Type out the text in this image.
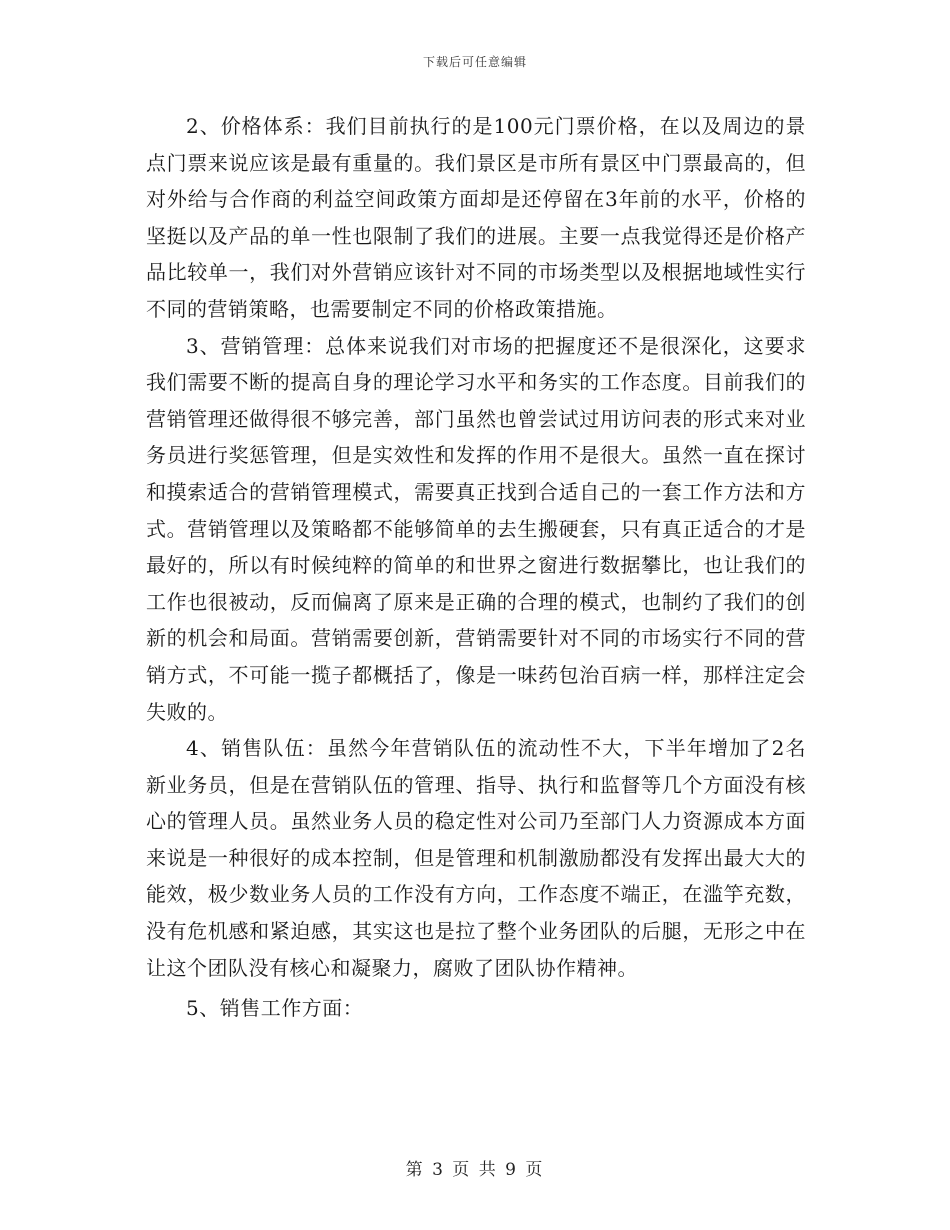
下载后可任意编辑

2、价格体系：我们目前执行的是100元门票价格，在以及周边的景点门票来说应该是最有重量的。我们景区是市所有景区中门票最高的，但对外给与合作商的利益空间政策方面却是还停留在3年前的水平，价格的坚挺以及产品的单一性也限制了我们的进展。主要一点我觉得还是价格产品比较单一，我们对外营销应该针对不同的市场类型以及根据地域性实行不同的营销策略，也需要制定不同的价格政策措施。

3、营销管理：总体来说我们对市场的把握度还不是很深化，这要求我们需要不断的提高自身的理论学习水平和务实的工作态度。目前我们的营销管理还做得很不够完善，部门虽然也曾尝试过用访问表的形式来对业务员进行奖惩管理，但是实效性和发挥的作用不是很大。虽然一直在探讨和摸索适合的营销管理模式，需要真正找到合适自己的一套工作方法和方式。营销管理以及策略都不能够简单的去生搬硬套，只有真正适合的才是最好的，所以有时候纯粹的简单的和世界之窗进行数据攀比，也让我们的工作也很被动，反而偏离了原来是正确的合理的模式，也制约了我们的创新的机会和局面。营销需要创新，营销需要针对不同的市场实行不同的营销方式，不可能一揽子都概括了，像是一味药包治百病一样，那样注定会失败的。

4、销售队伍：虽然今年营销队伍的流动性不大，下半年增加了2名新业务员，但是在营销队伍的管理、指导、执行和监督等几个方面没有核心的管理人员。虽然业务人员的稳定性对公司乃至部门人力资源成本方面来说是一种很好的成本控制，但是管理和机制激励都没有发挥出最大大的能效，极少数业务人员的工作没有方向，工作态度不端正，在滥竽充数，没有危机感和紧迫感，其实这也是拉了整个业务团队的后腿，无形之中在让这个团队没有核心和凝聚力，腐败了团队协作精神。

5、销售工作方面：

第 3 页 共 9 页
